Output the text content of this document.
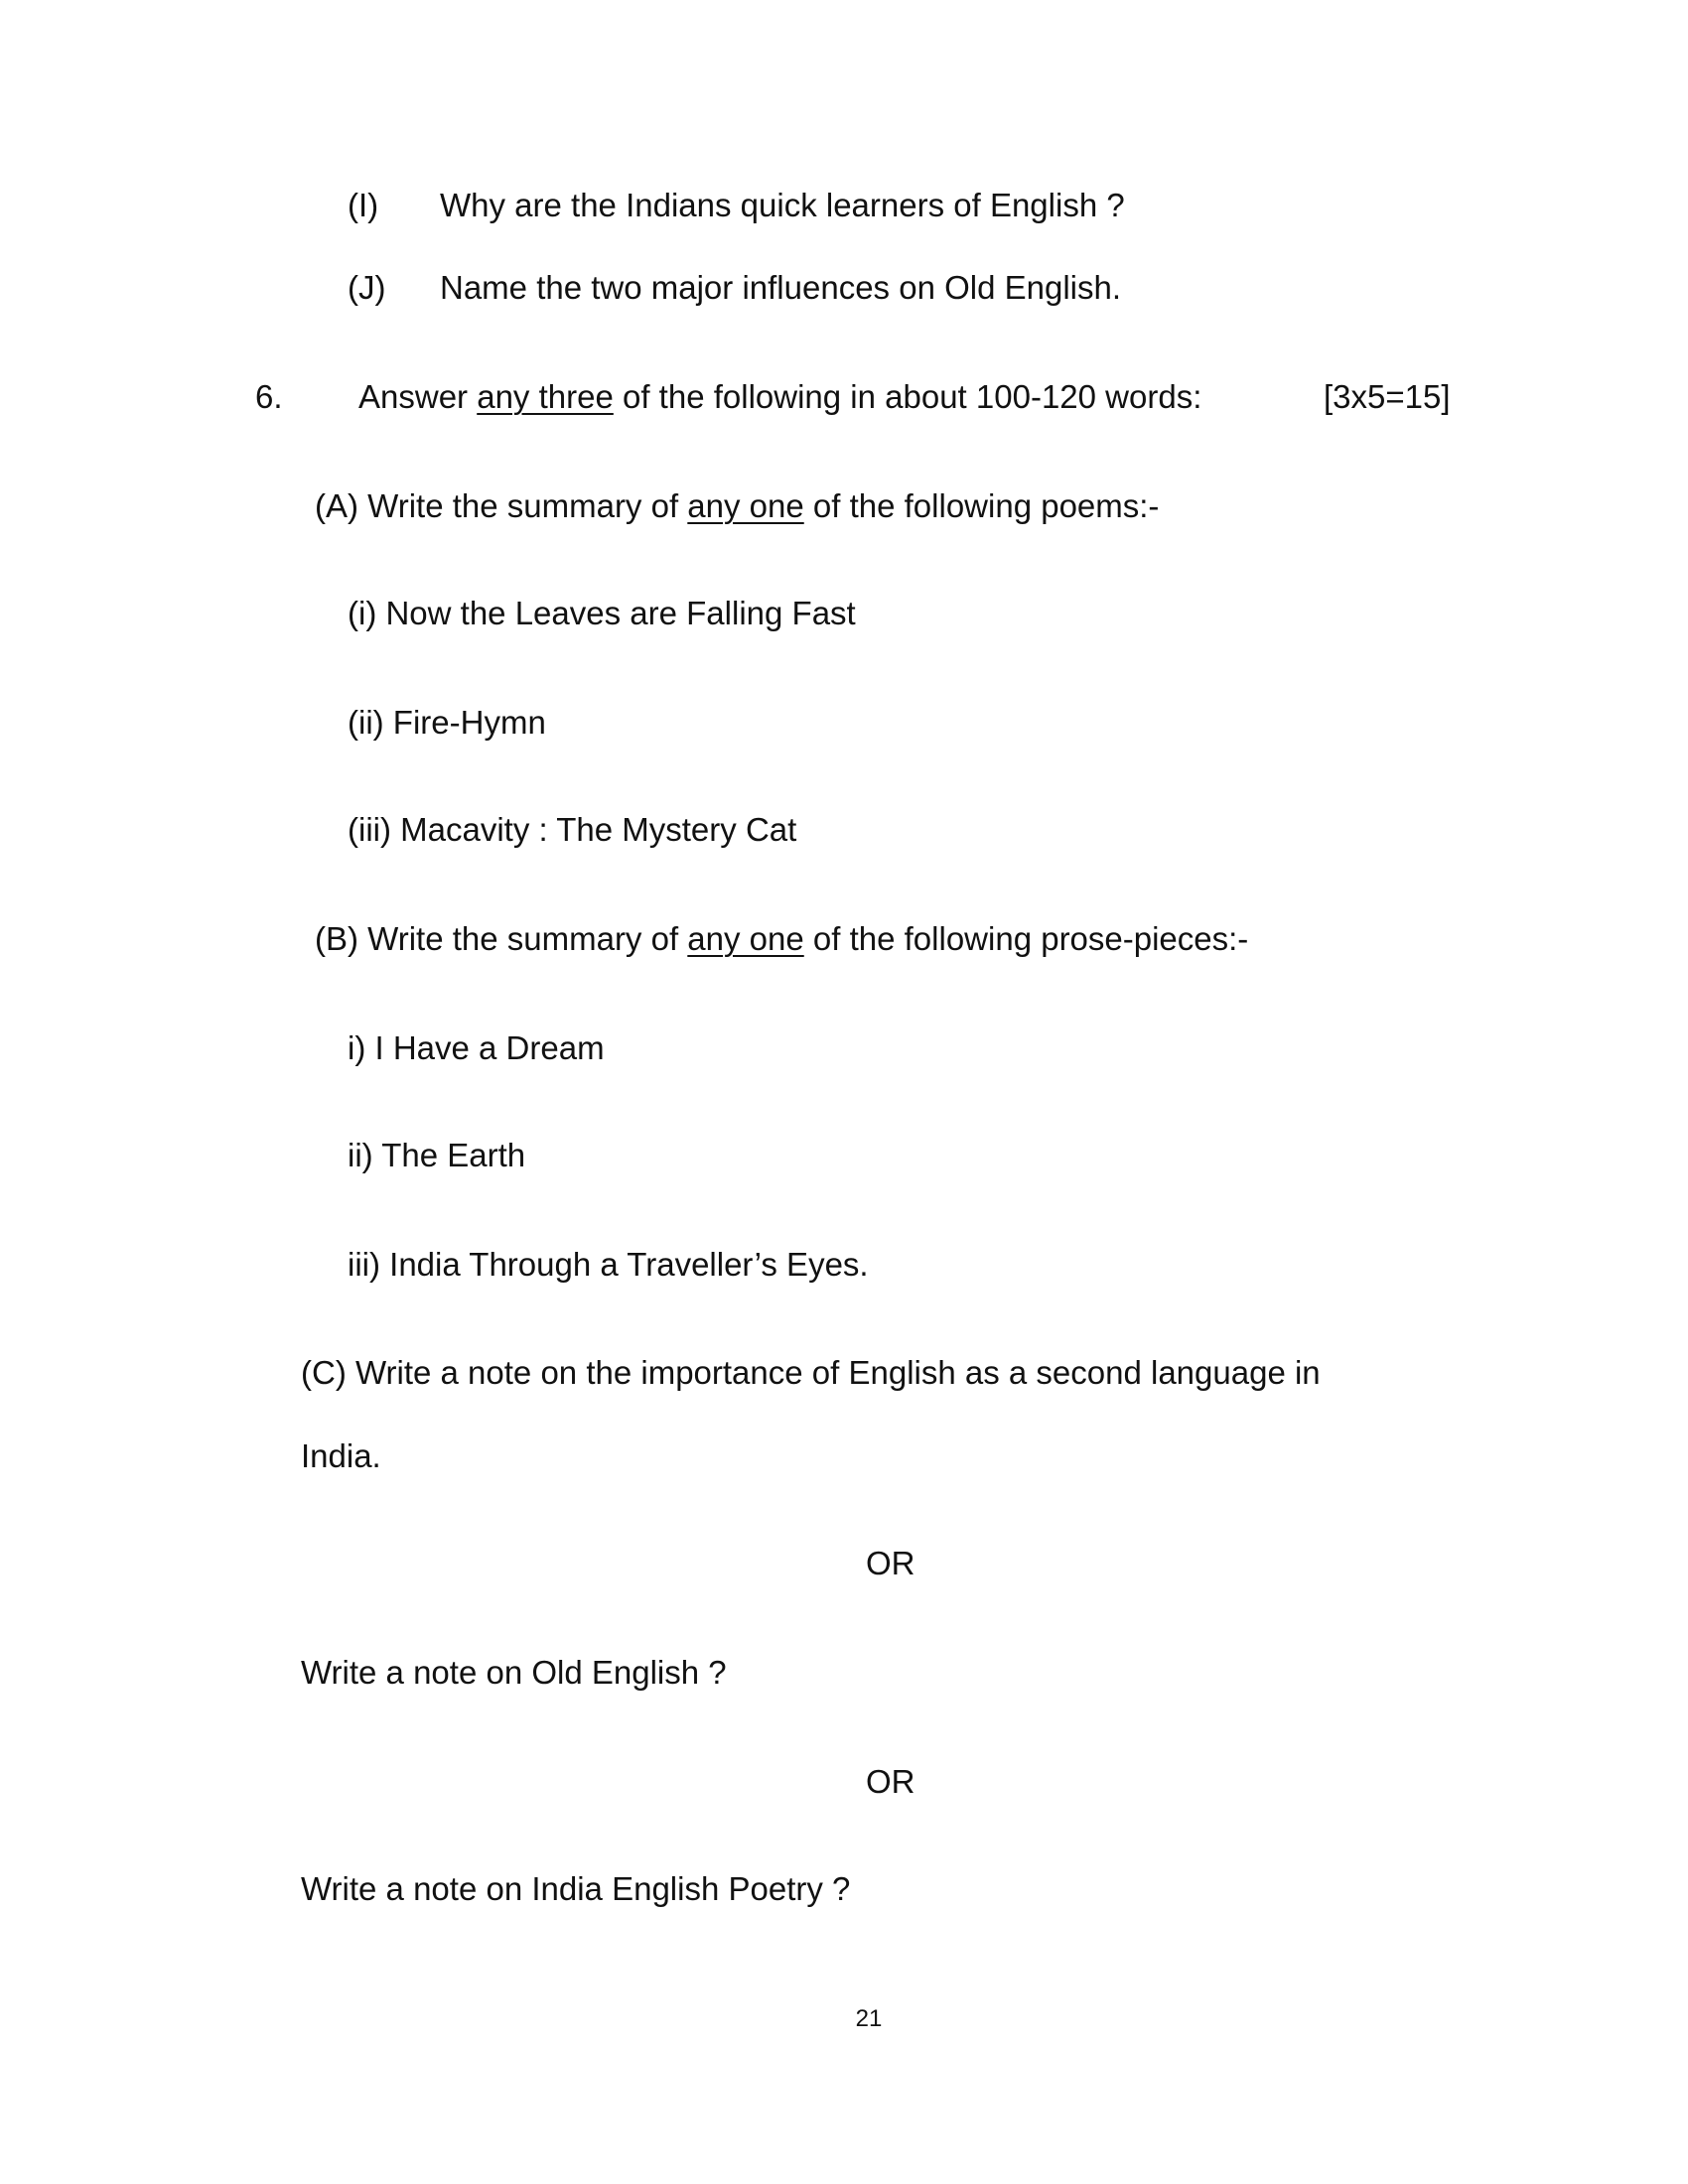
(I) Why are the Indians quick learners of English ?
(J) Name the two major influences on Old English.
6. Answer any three of the following in about 100-120 words:	[3x5=15]
(A) Write the summary of any one of the following poems:-
(i) Now the Leaves are Falling Fast
(ii) Fire-Hymn
(iii) Macavity : The Mystery Cat
(B) Write the summary of any one of the following prose-pieces:-
i) I Have a Dream
ii) The Earth
iii) India Through a Traveller’s Eyes.
(C) Write a note on the importance of English as a second language in
India.
OR
Write a note on Old English ?
OR
Write a note on India English Poetry ?
21
